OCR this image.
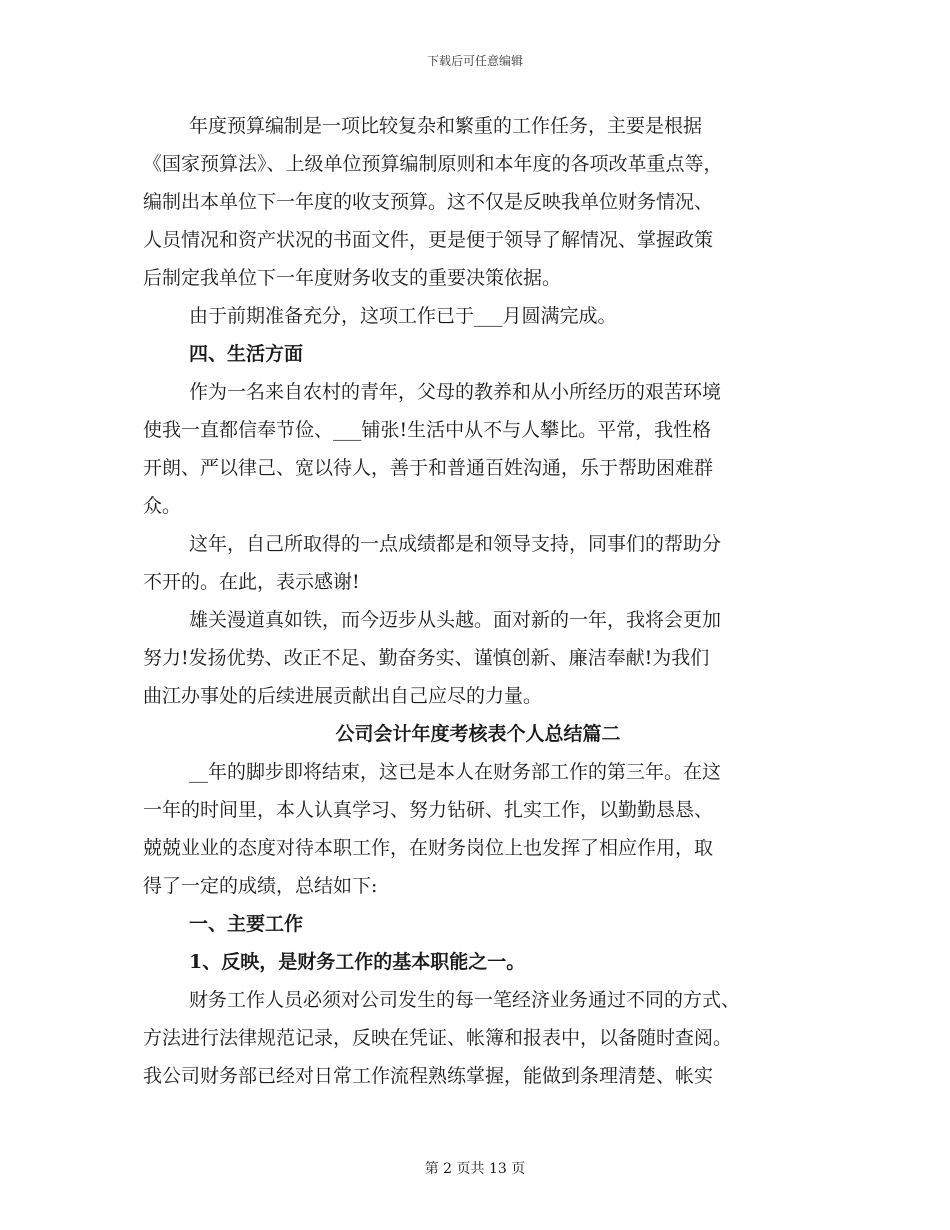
下载后可任意编辑
年度预算编制是一项比较复杂和繁重的工作任务，主要是根据
《国家预算法》、上级单位预算编制原则和本年度的各项改革重点等，
编制出本单位下一年度的收支预算。这不仅是反映我单位财务情况、
人员情况和资产状况的书面文件，更是便于领导了解情况、掌握政策
后制定我单位下一年度财务收支的重要决策依据。
由于前期准备充分，这项工作已于___月圆满完成。
四、生活方面
作为一名来自农村的青年，父母的教养和从小所经历的艰苦环境
使我一直都信奉节俭、___铺张!生活中从不与人攀比。平常，我性格
开朗、严以律己、宽以待人，善于和普通百姓沟通，乐于帮助困难群
众。
这年，自己所取得的一点成绩都是和领导支持，同事们的帮助分
不开的。在此，表示感谢!
雄关漫道真如铁，而今迈步从头越。面对新的一年，我将会更加
努力!发扬优势、改正不足、勤奋务实、谨慎创新、廉洁奉献!为我们
曲江办事处的后续进展贡献出自己应尽的力量。
公司会计年度考核表个人总结篇二
__年的脚步即将结束，这已是本人在财务部工作的第三年。在这
一年的时间里，本人认真学习、努力钻研、扎实工作，以勤勤恳恳、
兢兢业业的态度对待本职工作，在财务岗位上也发挥了相应作用，取
得了一定的成绩，总结如下:
一、主要工作
1、反映，是财务工作的基本职能之一。
财务工作人员必须对公司发生的每一笔经济业务通过不同的方式、
方法进行法律规范记录，反映在凭证、帐簿和报表中，以备随时查阅。
我公司财务部已经对日常工作流程熟练掌握，能做到条理清楚、帐实
第 2 页共 13 页
